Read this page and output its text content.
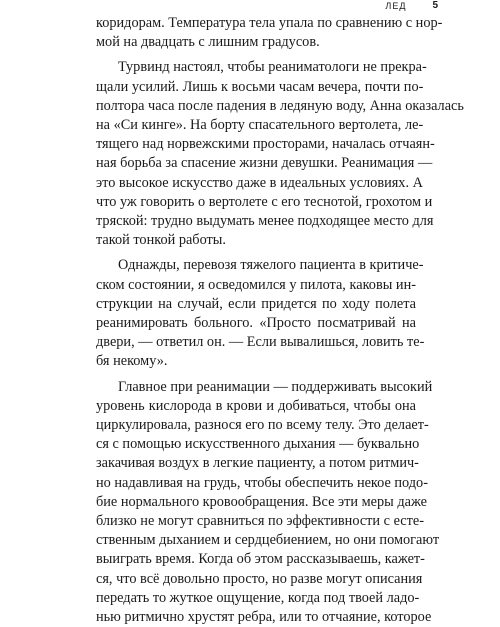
ЛЕД	5
коридорам. Температура тела упала по сравнению с нор-
мой на двадцать с лишним градусов.
Турвинд настоял, чтобы реаниматологи не прекра-
щали усилий. Лишь к восьми часам вечера, почти по-
полтора часа после падения в ледяную воду, Анна оказалась
на «Си кинге». На борту спасательного вертолета, ле-
тящего над норвежскими просторами, началась отчаян-
ная борьба за спасение жизни девушки. Реанимация —
это высокое искусство даже в идеальных условиях. А
что уж говорить о вертолете с его теснотой, грохотом и
тряской: трудно выдумать менее подходящее место для
такой тонкой работы.
Однажды, перевозя тяжелого пациента в критиче-
ском состоянии, я осведомился у пилота, каковы ин-
струкции на случай, если придется по ходу полета
реанимировать больного. «Просто посматривай на
двери, — ответил он. — Если вывалишься, ловить те-
бя некому».
Главное при реанимации — поддерживать высокий
уровень кислорода в крови и добиваться, чтобы она
циркулировала, разнося его по всему телу. Это делает-
ся с помощью искусственного дыхания — буквально
закачивая воздух в легкие пациенту, а потом ритмич-
но надавливая на грудь, чтобы обеспечить некое подо-
бие нормального кровообращения. Все эти меры даже
близко не могут сравниться по эффективности с есте-
ственным дыханием и сердцебиением, но они помогают
выиграть время. Когда об этом рассказываешь, кажет-
ся, что всё довольно просто, но разве могут описания
передать то жуткое ощущение, когда под твоей ладо-
нью ритмично хрустят ребра, или то отчаяние, которое
